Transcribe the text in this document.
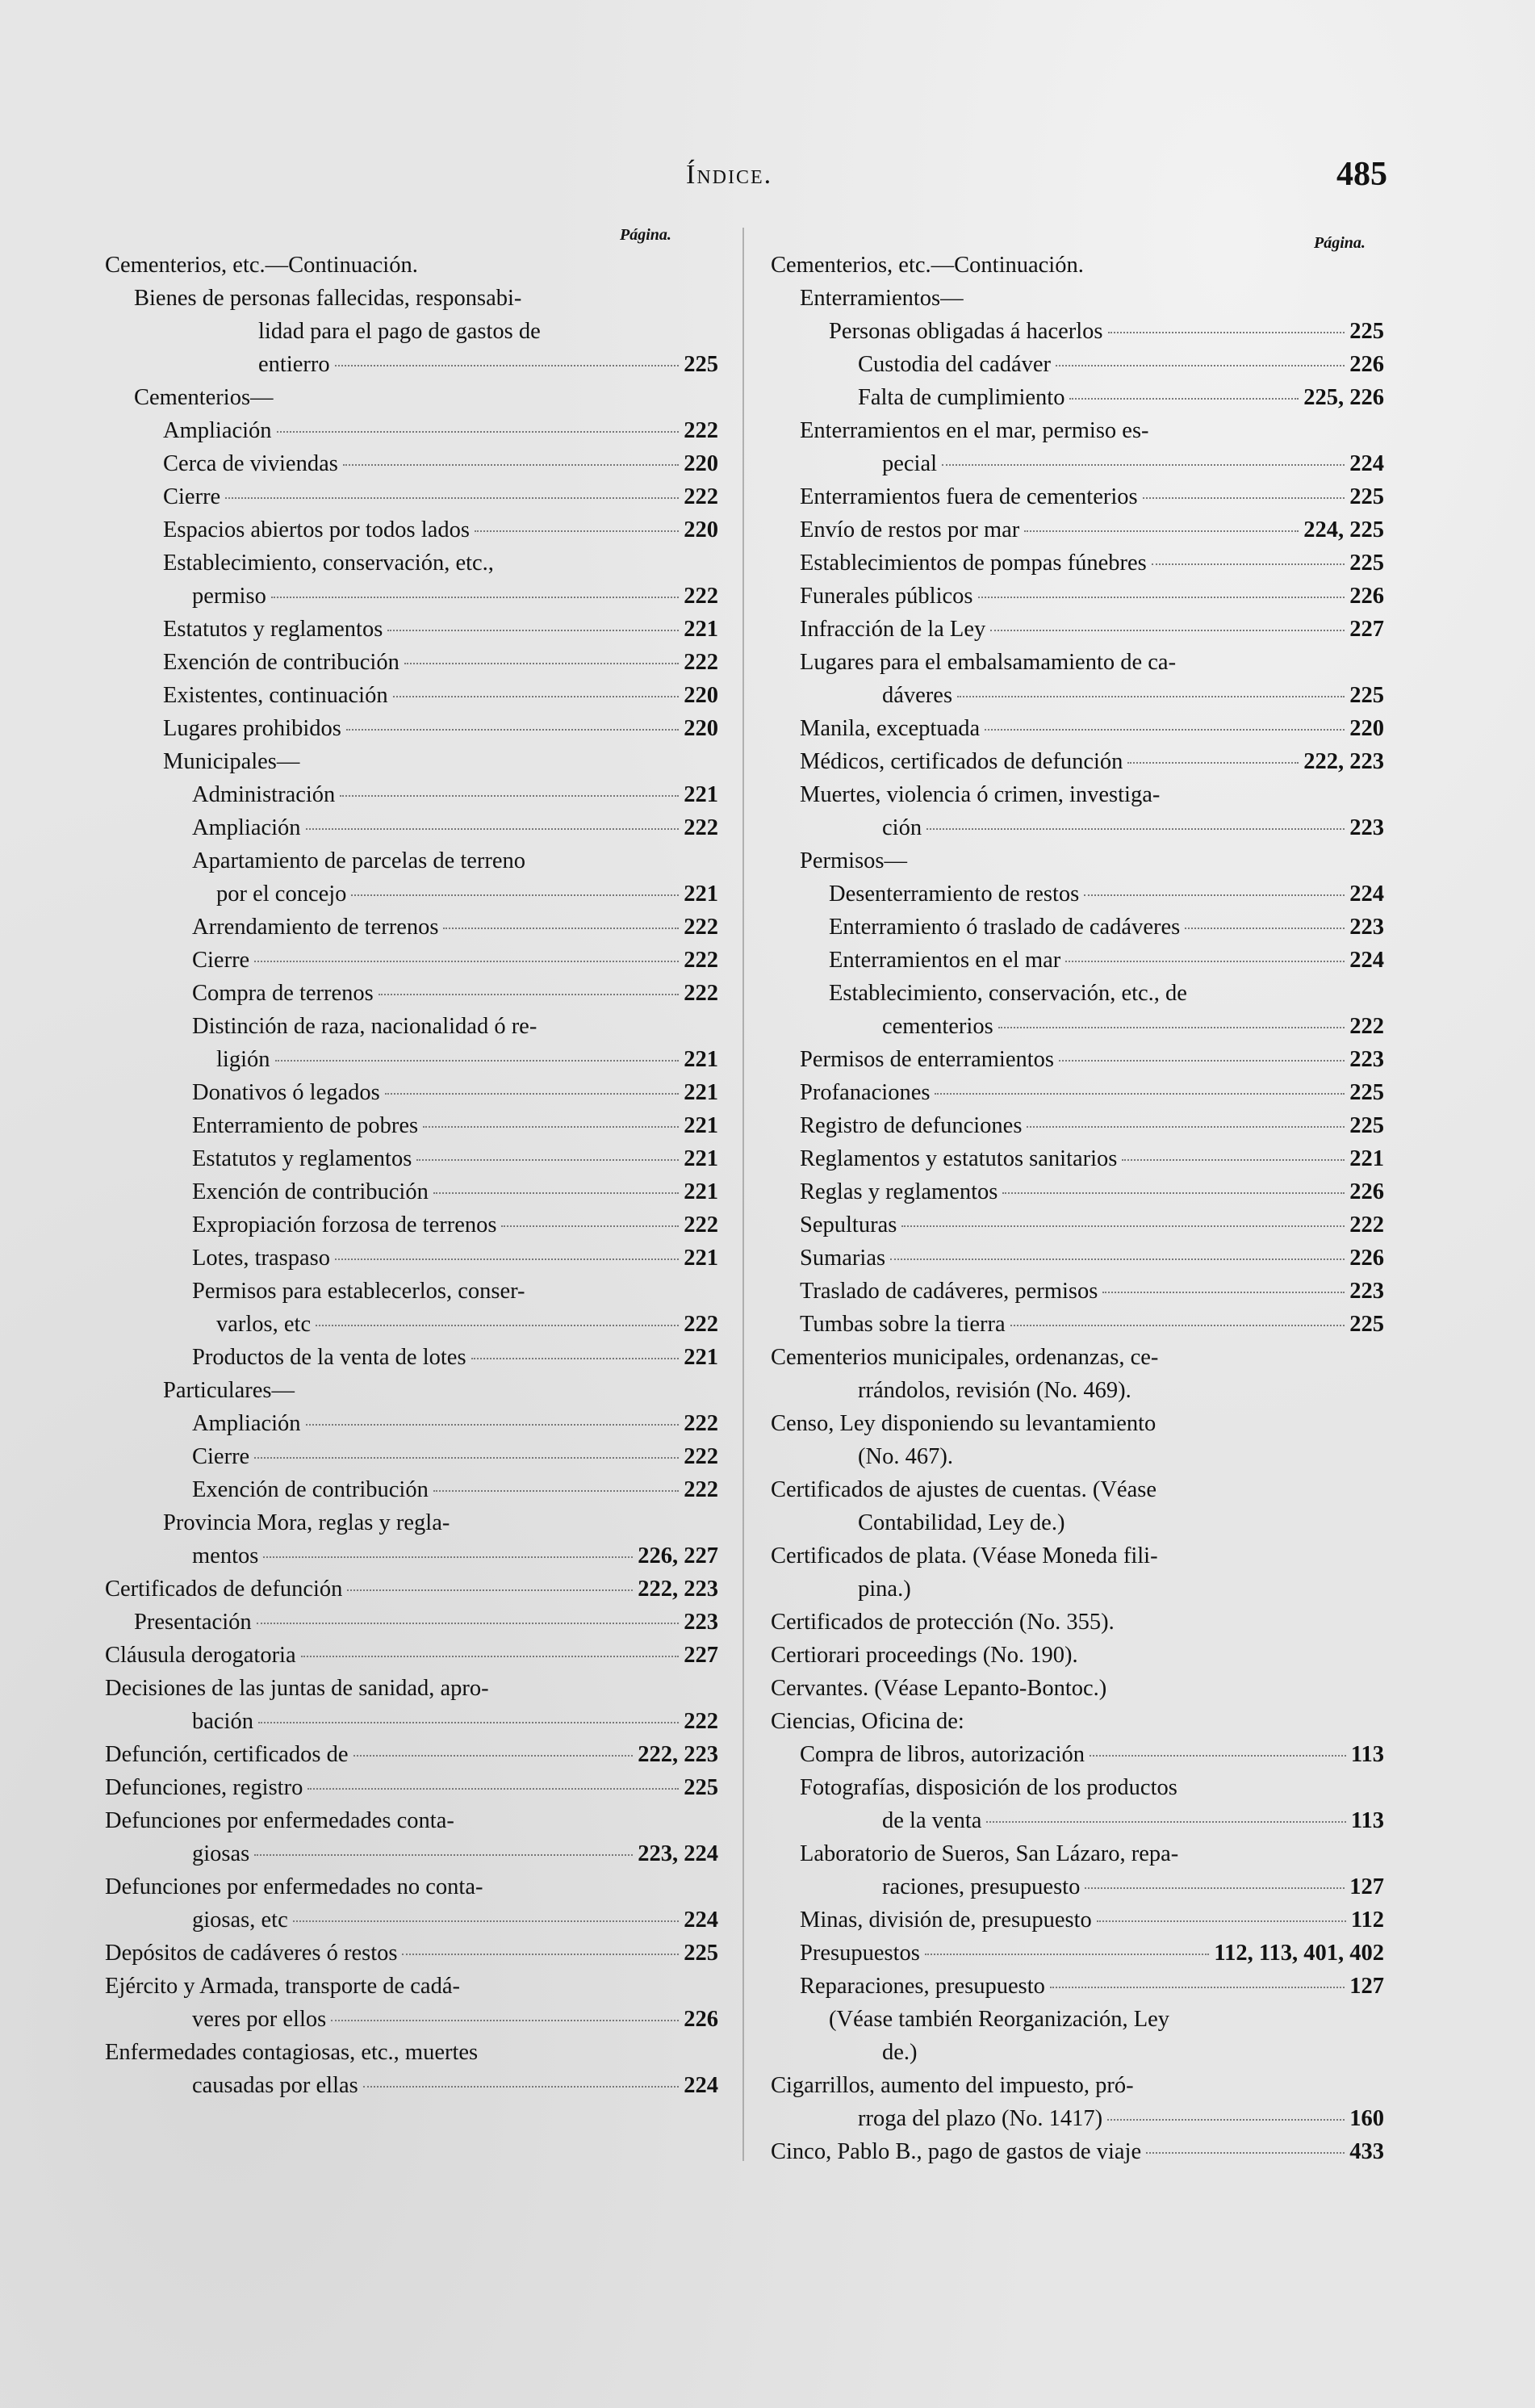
Índice.	485
Página.	Página.
Cementerios, etc.—Continuación.
Bienes de personas fallecidas, responsabi-
lidad para el pago de gastos de
entierro	225
Cementerios—
Ampliación	222
Cerca de viviendas	220
Cierre	222
Espacios abiertos por todos lados	220
Establecimiento, conservación, etc.,
permiso	222
Estatutos y reglamentos	221
Exención de contribución	222
Existentes, continuación	220
Lugares prohibidos	220
Municipales—
Administración	221
Ampliación	222
Apartamiento de parcelas de terreno
por el concejo	221
Arrendamiento de terrenos	222
Cierre	222
Compra de terrenos	222
Distinción de raza, nacionalidad ó re-
ligión	221
Donativos ó legados	221
Enterramiento de pobres	221
Estatutos y reglamentos	221
Exención de contribución	221
Expropiación forzosa de terrenos	222
Lotes, traspaso	221
Permisos para establecerlos, conser-
varlos, etc	222
Productos de la venta de lotes	221
Particulares—
Ampliación	222
Cierre	222
Exención de contribución	222
Provincia Mora, reglas y regla-
mentos	226, 227
Certificados de defunción	222, 223
Presentación	223
Cláusula derogatoria	227
Decisiones de las juntas de sanidad, apro-
bación	222
Defunción, certificados de	222, 223
Defunciones, registro	225
Defunciones por enfermedades conta-
giosas	223, 224
Defunciones por enfermedades no conta-
giosas, etc	224
Depósitos de cadáveres ó restos	225
Ejército y Armada, transporte de cadá-
veres por ellos	226
Enfermedades contagiosas, etc., muertes
causadas por ellas	224
Cementerios, etc.—Continuación.
Enterramientos—
Personas obligadas á hacerlos	225
Custodia del cadáver	226
Falta de cumplimiento	225, 226
Enterramientos en el mar, permiso es-
pecial	224
Enterramientos fuera de cementerios	225
Envío de restos por mar	224, 225
Establecimientos de pompas fúnebres	225
Funerales públicos	226
Infracción de la Ley	227
Lugares para el embalsamamiento de ca-
dáveres	225
Manila, exceptuada	220
Médicos, certificados de defunción	222, 223
Muertes, violencia ó crimen, investiga-
ción	223
Permisos—
Desenterramiento de restos	224
Enterramiento ó traslado de cadáveres	223
Enterramientos en el mar	224
Establecimiento, conservación, etc., de
cementerios	222
Permisos de enterramientos	223
Profanaciones	225
Registro de defunciones	225
Reglamentos y estatutos sanitarios	221
Reglas y reglamentos	226
Sepulturas	222
Sumarias	226
Traslado de cadáveres, permisos	223
Tumbas sobre la tierra	225
Cementerios municipales, ordenanzas, ce-
rrándolos, revisión (No. 469).
Censo, Ley disponiendo su levantamiento
(No. 467).
Certificados de ajustes de cuentas. (Véase
Contabilidad, Ley de.)
Certificados de plata. (Véase Moneda fili-
pina.)
Certificados de protección (No. 355).
Certiorari proceedings (No. 190).
Cervantes. (Véase Lepanto-Bontoc.)
Ciencias, Oficina de:
Compra de libros, autorización	113
Fotografías, disposición de los productos
de la venta	113
Laboratorio de Sueros, San Lázaro, repa-
raciones, presupuesto	127
Minas, división de, presupuesto	112
Presupuestos	112, 113, 401, 402
Reparaciones, presupuesto	127
(Véase también Reorganización, Ley
de.)
Cigarrillos, aumento del impuesto, pró-
rroga del plazo (No. 1417)	160
Cinco, Pablo B., pago de gastos de viaje	433
